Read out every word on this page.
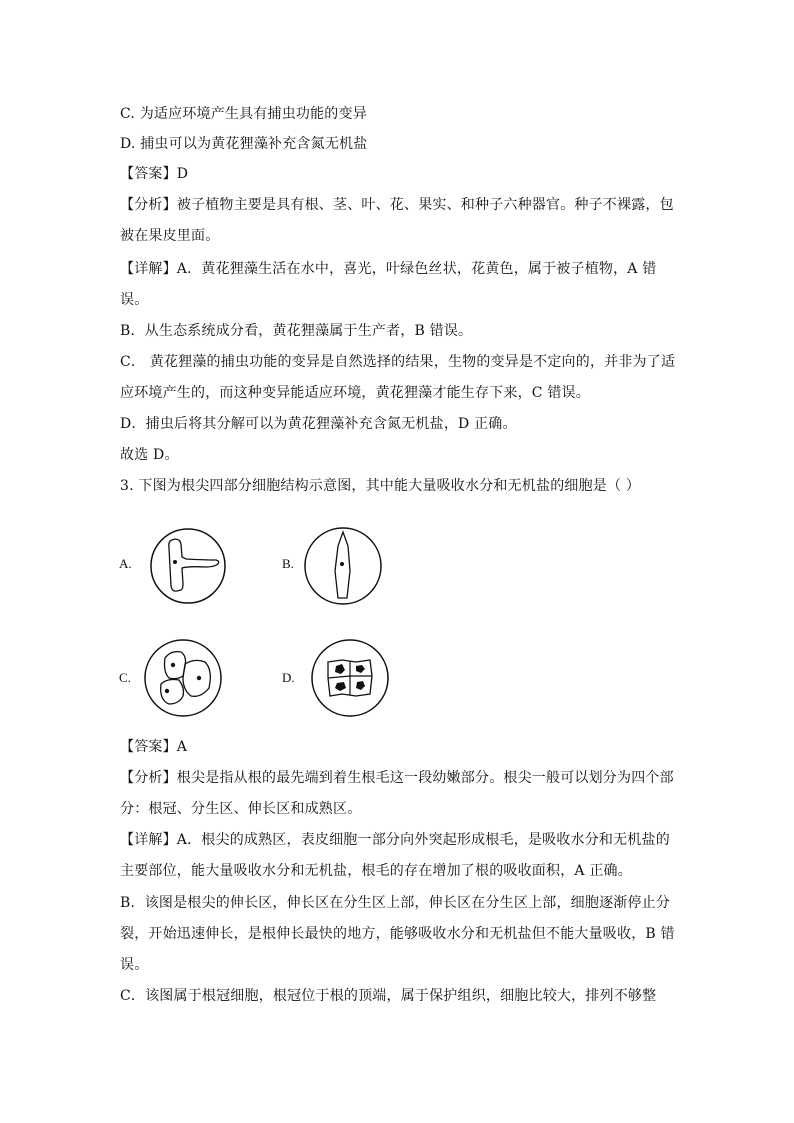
C. 为适应环境产生具有捕虫功能的变异
D. 捕虫可以为黄花狸藻补充含氮无机盐
【答案】D
【分析】被子植物主要是具有根、茎、叶、花、果实、和种子六种器官。种子不裸露，包
被在果皮里面。
【详解】A．黄花狸藻生活在水中，喜光，叶绿色丝状，花黄色，属于被子植物，A 错
误。
B．从生态系统成分看，黄花狸藻属于生产者，B 错误。
C． 黄花狸藻的捕虫功能的变异是自然选择的结果，生物的变异是不定向的，并非为了适
应环境产生的，而这种变异能适应环境，黄花狸藻才能生存下来，C 错误。
D．捕虫后将其分解可以为黄花狸藻补充含氮无机盐，D 正确。
故选 D。
3. 下图为根尖四部分细胞结构示意图，其中能大量吸收水分和无机盐的细胞是（ ）
A.	B.
C.	D.
【答案】A
【分析】根尖是指从根的最先端到着生根毛这一段幼嫩部分。根尖一般可以划分为四个部
分：根冠、分生区、伸长区和成熟区。
【详解】A．根尖的成熟区，表皮细胞一部分向外突起形成根毛，是吸收水分和无机盐的
主要部位，能大量吸收水分和无机盐，根毛的存在增加了根的吸收面积，A 正确。
B．该图是根尖的伸长区，伸长区在分生区上部，伸长区在分生区上部，细胞逐渐停止分
裂，开始迅速伸长，是根伸长最快的地方，能够吸收水分和无机盐但不能大量吸收，B 错
误。
C．该图属于根冠细胞，根冠位于根的顶端，属于保护组织，细胞比较大，排列不够整
